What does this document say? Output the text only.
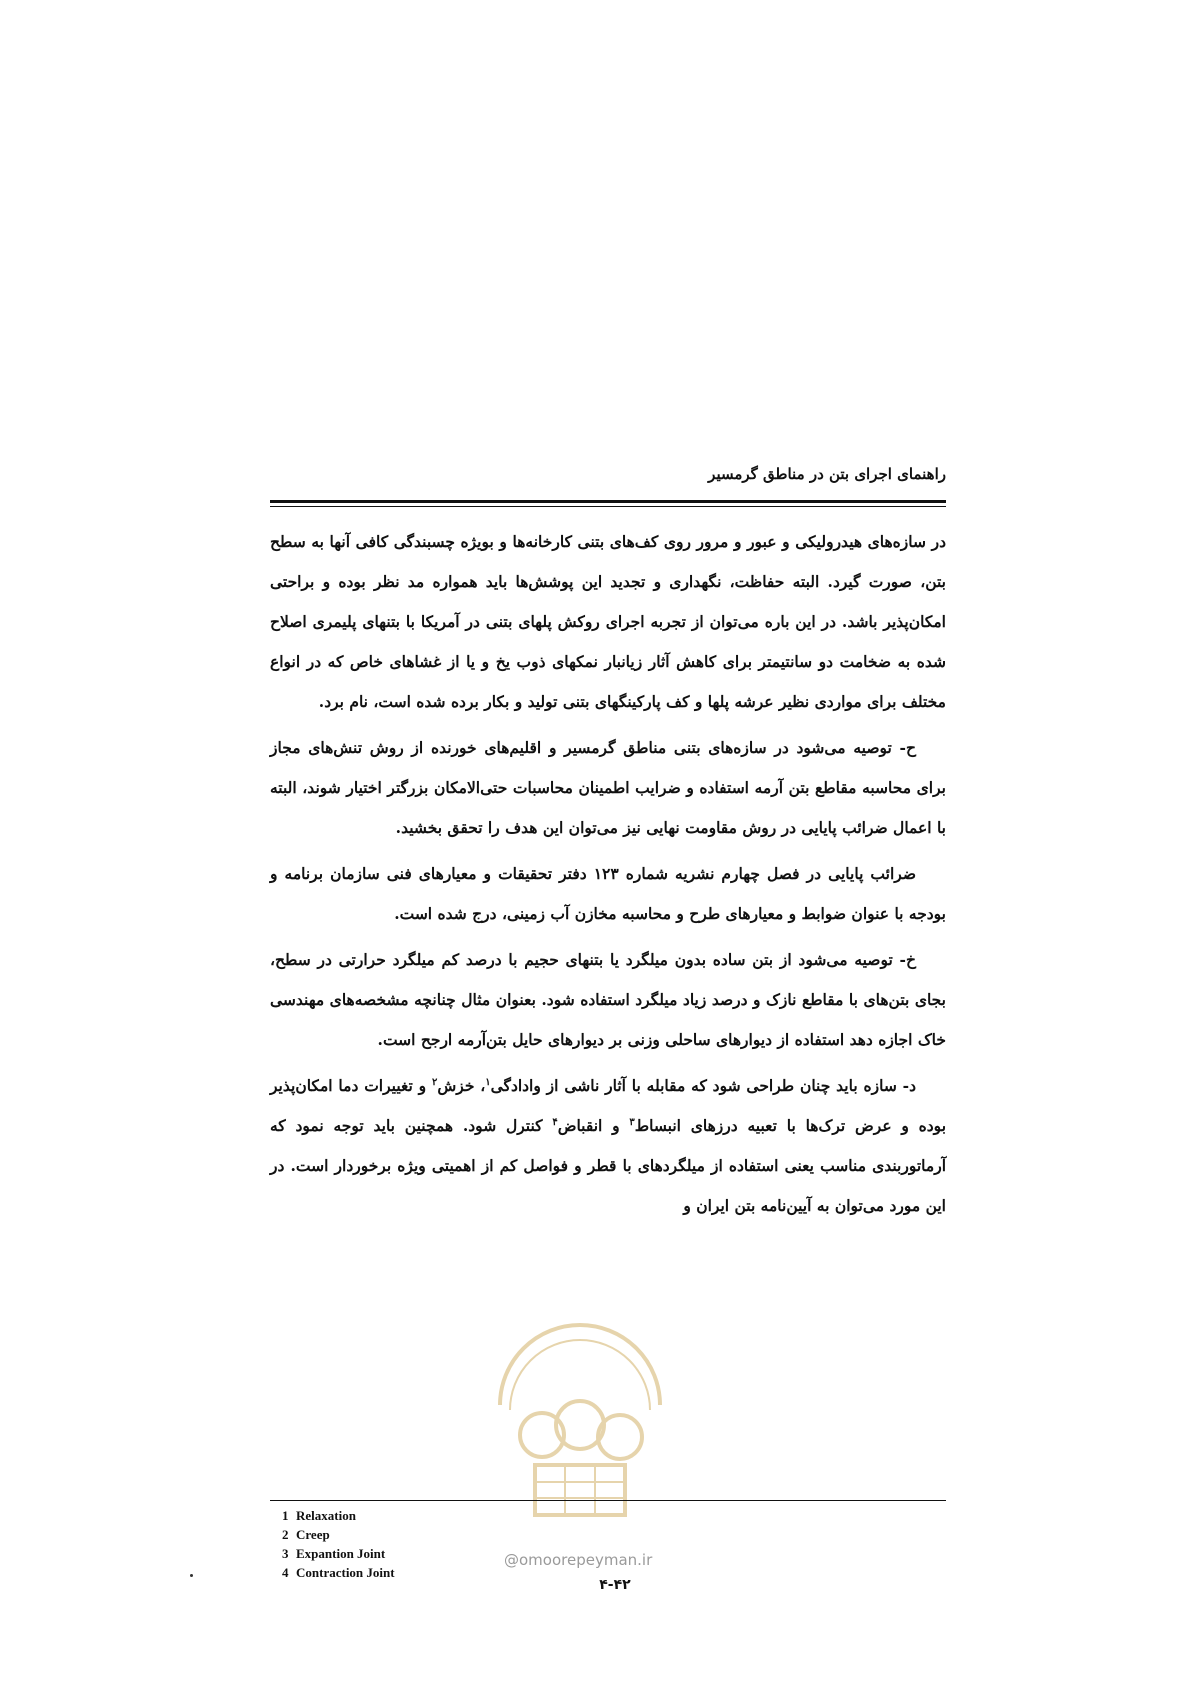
راهنمای اجرای بتن در مناطق گرمسیر

در سازه‌های هیدرولیکی و عبور و مرور روی کف‌های بتنی کارخانه‌ها و بویژه چسبندگی کافی آنها به سطح بتن، صورت گیرد. البته حفاظت، نگهداری و تجدید این پوشش‌ها باید همواره مد نظر بوده و براحتی امکان‌پذیر باشد. در این باره می‌توان از تجربه اجرای روکش پلهای بتنی در آمریکا با بتنهای پلیمری اصلاح شده به ضخامت دو سانتیمتر برای کاهش آثار زیانبار نمکهای ذوب یخ و یا از غشاهای خاص که در انواع مختلف برای مواردی نظیر عرشه پلها و کف پارکینگهای بتنی تولید و بکار برده شده است، نام برد.

ح- توصیه می‌شود در سازه‌های بتنی مناطق گرمسیر و اقلیم‌های خورنده از روش تنش‌های مجاز برای محاسبه مقاطع بتن آرمه استفاده و ضرایب اطمینان محاسبات حتی‌الامکان بزرگتر اختیار شوند، البته با اعمال ضرائب پایایی در روش مقاومت نهایی نیز می‌توان این هدف را تحقق بخشید.

ضرائب پایایی در فصل چهارم نشریه شماره ۱۲۳ دفتر تحقیقات و معیارهای فنی سازمان برنامه و بودجه با عنوان ضوابط و معیارهای طرح و محاسبه مخازن آب زمینی، درج شده است.

خ- توصیه می‌شود از بتن ساده بدون میلگرد یا بتنهای حجیم با درصد کم میلگرد حرارتی در سطح، بجای بتن‌های با مقاطع نازک و درصد زیاد میلگرد استفاده شود. بعنوان مثال چنانچه مشخصه‌های مهندسی خاک اجازه دهد استفاده از دیوارهای ساحلی وزنی بر دیوارهای حایل بتن‌آرمه ارجح است.

د- سازه باید چنان طراحی شود که مقابله با آثار ناشی از وادادگی$^۱$، خزش$^۲$ و تغییرات دما امکان‌پذیر بوده و عرض ترک‌ها با تعبیه درزهای انبساط$^۳$ و انقباض$^۴$ کنترل شود. همچنین باید توجه نمود که آرماتوربندی مناسب یعنی استفاده از میلگردهای با قطر و فواصل کم از اهمیتی ویژه برخوردار است. در این مورد می‌توان به آیین‌نامه بتن ایران و

1 Relaxation
2 Creep
3 Expantion Joint
4 Contraction Joint
@omoorepeyman.ir
۴-۴۲
